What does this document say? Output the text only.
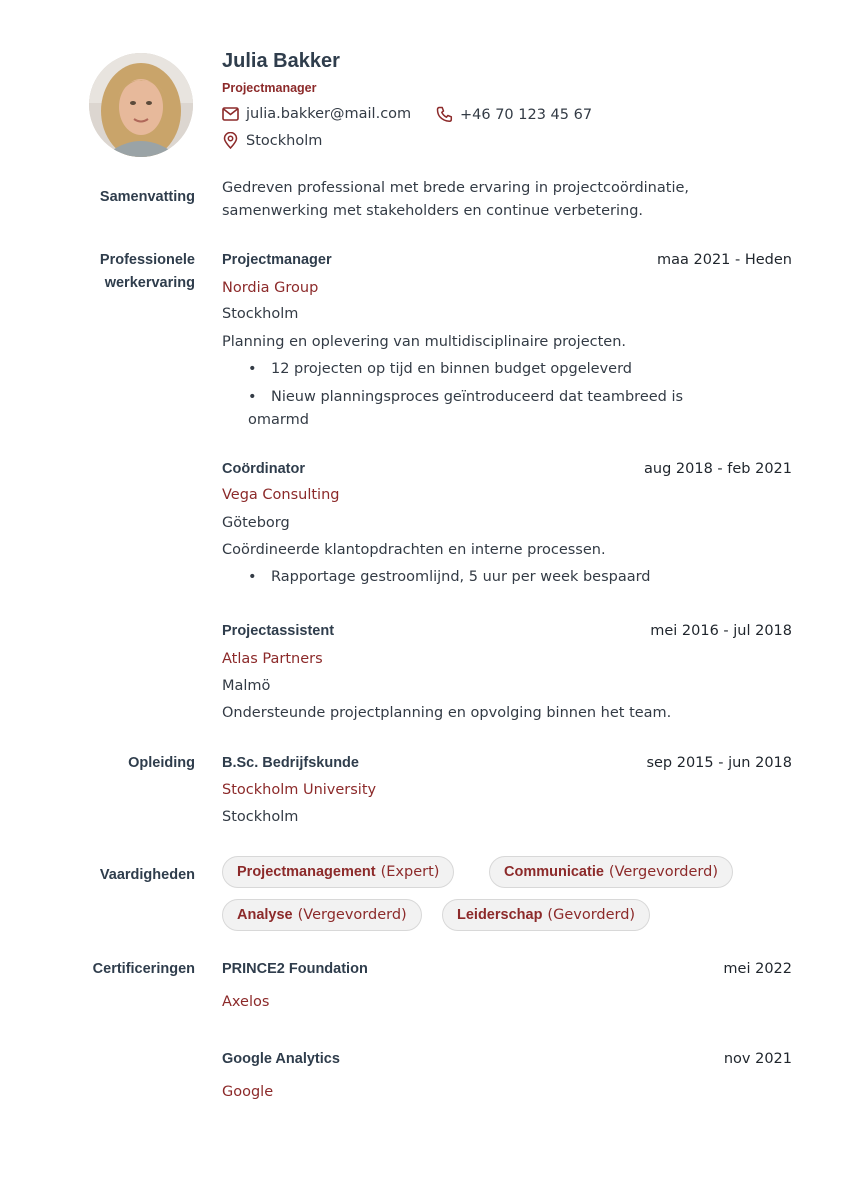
Julia Bakker
Projectmanager
julia.bakker@mail.com	+46 70 123 45 67
Stockholm
Samenvatting
Gedreven professional met brede ervaring in projectcoördinatie,
samenwerking met stakeholders en continue verbetering.
Professionele
werkervaring
Projectmanager	maa 2021 - Heden
Nordia Group
Stockholm
Planning en oplevering van multidisciplinaire projecten.
• 12 projecten op tijd en binnen budget opgeleverd
• Nieuw planningsproces geïntroduceerd dat teambreed is omarmd
Coördinator	aug 2018 - feb 2021
Vega Consulting
Göteborg
Coördineerde klantopdrachten en interne processen.
• Rapportage gestroomlijnd, 5 uur per week bespaard
Projectassistent	mei 2016 - jul 2018
Atlas Partners
Malmö
Ondersteunde projectplanning en opvolging binnen het team.
Opleiding B.Sc. Bedrijfskunde	sep 2015 - jun 2018
Stockholm University
Stockholm
Vaardigheden	Projectmanagement (Expert)	Communicatie (Vergevorderd)
Analyse (Vergevorderd)	Leiderschap (Gevorderd)
Certificeringen PRINCE2 Foundation	mei 2022
Axelos
Google Analytics	nov 2021
Google
